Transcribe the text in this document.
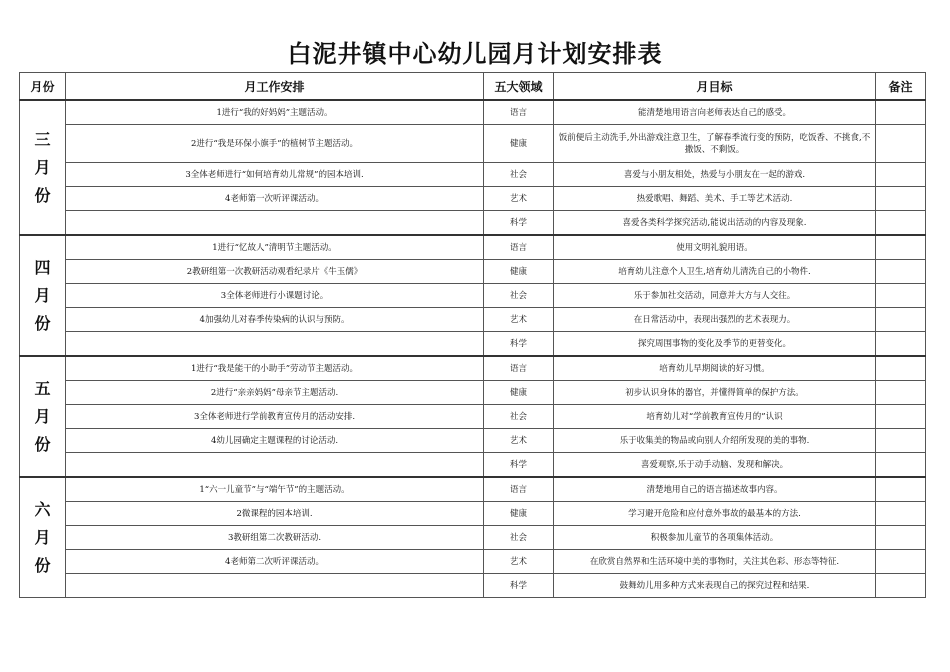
白泥井镇中心幼儿园月计划安排表
月份	月工作安排	五大领域	月目标	备注

三月份	1进行“我的好妈妈”主题活动。	语言	能清楚地用语言向老师表达自己的感受。	
	2进行“我是环保小旗手”的植树节主题活动。	健康	饭前便后主动洗手,外出游戏注意卫生，了解春季流行变的预防，吃饭香、不挑食,不撒饭、不剩饭。	
	3全体老师进行“如何培育幼儿常规”的园本培训.	社会	喜爱与小朋友相处，热爱与小朋友在一起的游戏.	
	4老师第一次听评课活动。	艺术	热爱歌唱、舞蹈、美术、手工等艺术活动.	
		科学	喜爱各类科学探究活动,能说出活动的内容及现象.	

四月份	1进行“忆故人”清明节主题活动。	语言	使用文明礼貌用语。	
	2教研组第一次教研活动观看纪录片《牛玉儒》	健康	培育幼儿注意个人卫生,培育幼儿清洗自己的小物件.	
	3全体老师进行小课题讨论。	社会	乐于参加社交活动，同意并大方与人交往。	
	4加强幼儿对春季传染病的认识与预防。	艺术	在日常活动中，表现出强烈的艺术表现力。	
		科学	探究周围事物的变化及季节的更替变化。	

五月份	1进行“我是能干的小助手”劳动节主题活动。	语言	培育幼儿早期阅读的好习惯。	
	2进行“亲亲妈妈”母亲节主题活动.	健康	初步认识身体的器官，并懂得简单的保护方法。	
	3全体老师进行学前教育宣传月的活动安排.	社会	培育幼儿对“学前教育宣传月的”认识	
	4幼儿园确定主题课程的讨论活动.	艺术	乐于收集美的物品或向别人介绍所发现的美的事物.	
		科学	喜爱观察,乐于动手动脑、发现和解决。	

六月份	1“六一儿童节”与“端午节”的主题活动。	语言	清楚地用自己的语言描述故事内容。	
	2微课程的园本培训.	健康	学习避开危险和应付意外事故的最基本的方法.	
	3教研组第二次教研活动.	社会	积极参加儿童节的各项集体活动。	
	4老师第二次听评课活动。	艺术	在欣赏自然界和生活环境中美的事物时，关注其色彩、形态等特征.	
		科学	鼓舞幼儿用多种方式来表现自己的探究过程和结果.	
